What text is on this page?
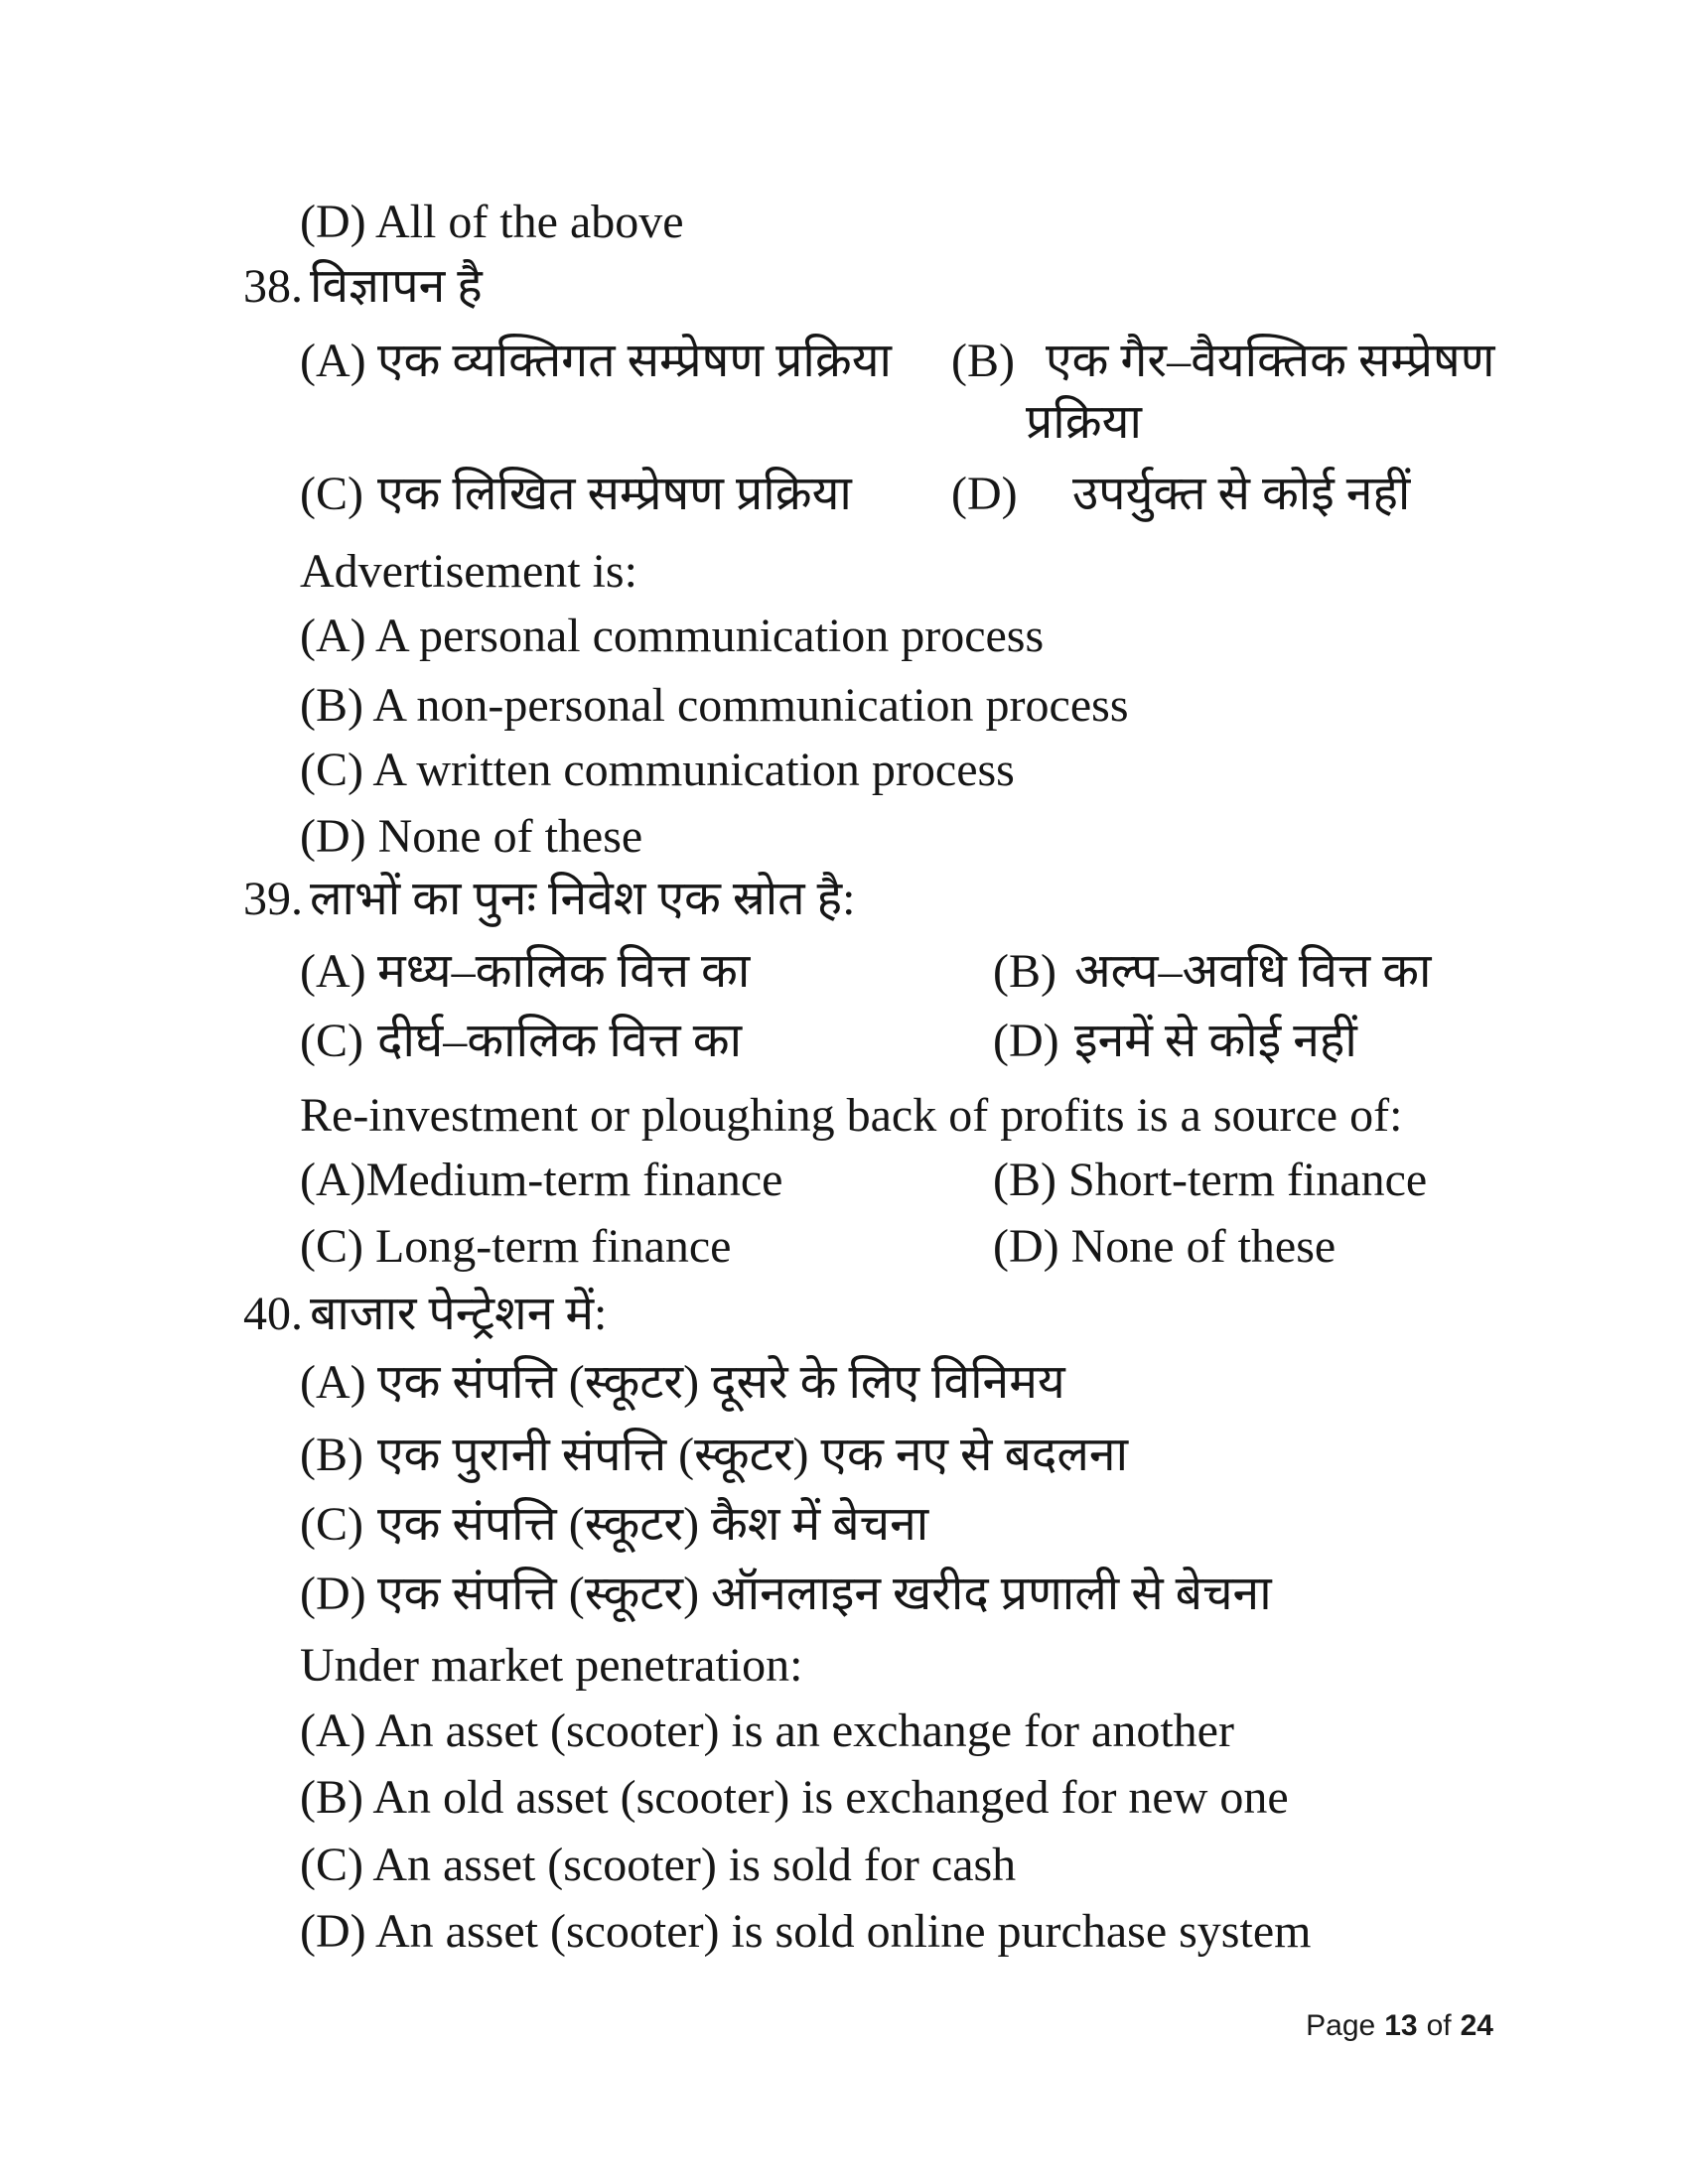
(D) All of the above
38. विज्ञापन है
(A) एक व्यक्तिगत सम्प्रेषण प्रक्रिया (B) एक गैर–वैयक्तिक सम्प्रेषण
प्रक्रिया
(C) एक लिखित सम्प्रेषण प्रक्रिया (D) उपर्युक्त से कोई नहीं
Advertisement is:
(A) A personal communication process
(B) A non-personal communication process
(C) A written communication process
(D) None of these
39. लाभों का पुनः निवेश एक स्रोत है:
(A) मध्य–कालिक वित्त का	(B) अल्प–अवधि वित्त का
(C) दीर्घ–कालिक वित्त का	(D) इनमें से कोई नहीं
Re-investment or ploughing back of profits is a source of:
(A)Medium-term finance	(B) Short-term finance
(C) Long-term finance	(D) None of these
40. बाजार पेन्ट्रेशन में:
(A) एक संपत्ति (स्कूटर) दूसरे के लिए विनिमय
(B) एक पुरानी संपत्ति (स्कूटर) एक नए से बदलना
(C) एक संपत्ति (स्कूटर) कैश में बेचना
(D) एक संपत्ति (स्कूटर) ऑनलाइन खरीद प्रणाली से बेचना
Under market penetration:
(A) An asset (scooter) is an exchange for another
(B) An old asset (scooter) is exchanged for new one
(C) An asset (scooter) is sold for cash
(D) An asset (scooter) is sold online purchase system
Page 13 of 24
